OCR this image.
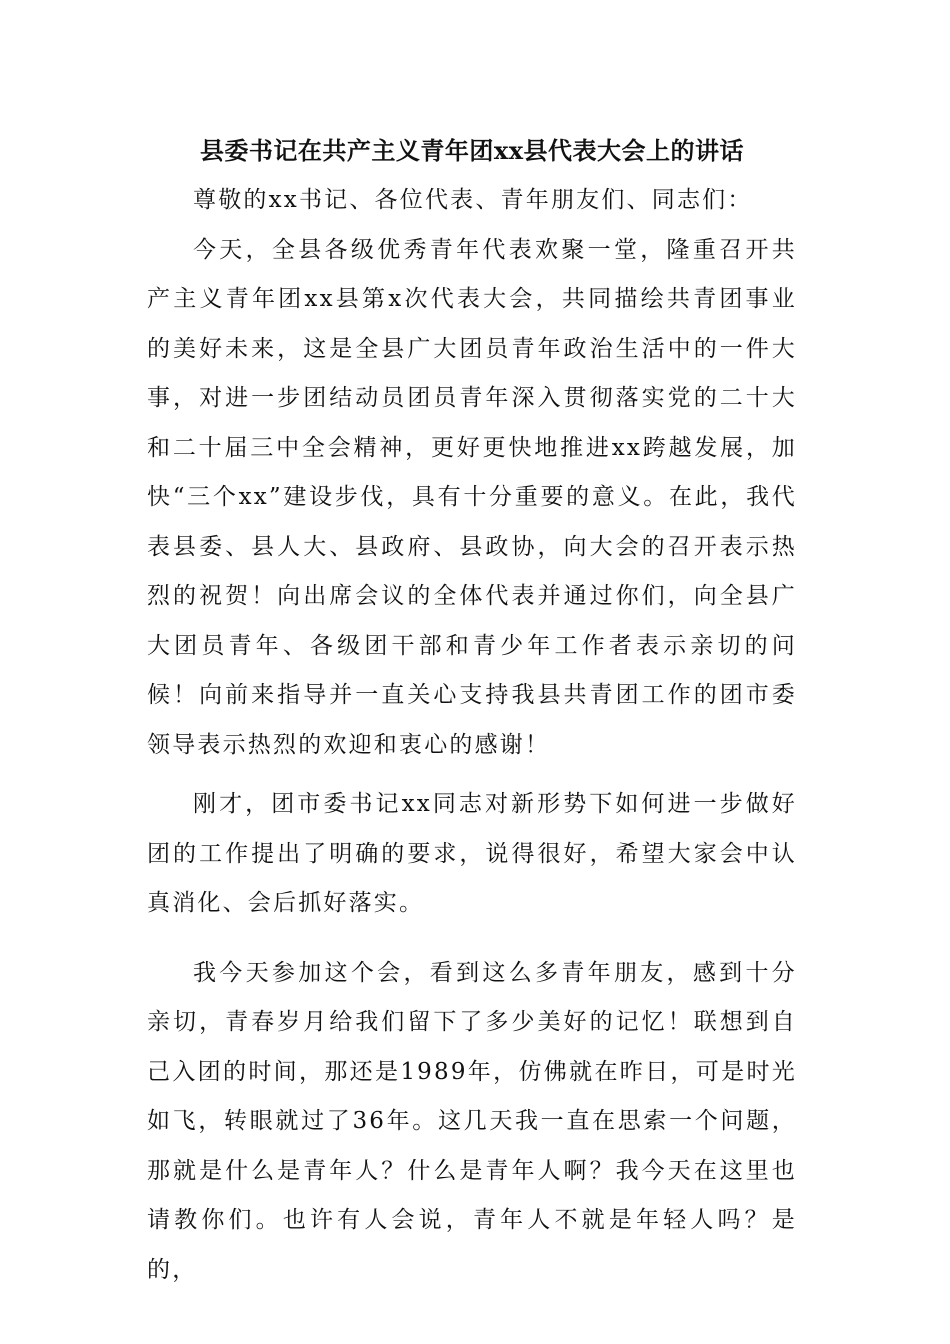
县委书记在共产主义青年团xx县代表大会上的讲话

尊敬的xx书记、各位代表、青年朋友们、同志们：

今天，全县各级优秀青年代表欢聚一堂，隆重召开共产主义青年团xx县第x次代表大会，共同描绘共青团事业的美好未来，这是全县广大团员青年政治生活中的一件大事，对进一步团结动员团员青年深入贯彻落实党的二十大和二十届三中全会精神，更好更快地推进xx跨越发展，加快“三个xx”建设步伐，具有十分重要的意义。在此，我代表县委、县人大、县政府、县政协，向大会的召开表示热烈的祝贺！向出席会议的全体代表并通过你们，向全县广大团员青年、各级团干部和青少年工作者表示亲切的问候！向前来指导并一直关心支持我县共青团工作的团市委领导表示热烈的欢迎和衷心的感谢！

刚才，团市委书记xx同志对新形势下如何进一步做好团的工作提出了明确的要求，说得很好，希望大家会中认真消化、会后抓好落实。

我今天参加这个会，看到这么多青年朋友，感到十分亲切，青春岁月给我们留下了多少美好的记忆！联想到自己入团的时间，那还是1989年，仿佛就在昨日，可是时光如飞，转眼就过了36年。这几天我一直在思索一个问题，那就是什么是青年人？什么是青年人啊？我今天在这里也请教你们。也许有人会说，青年人不就是年轻人吗？是的，
